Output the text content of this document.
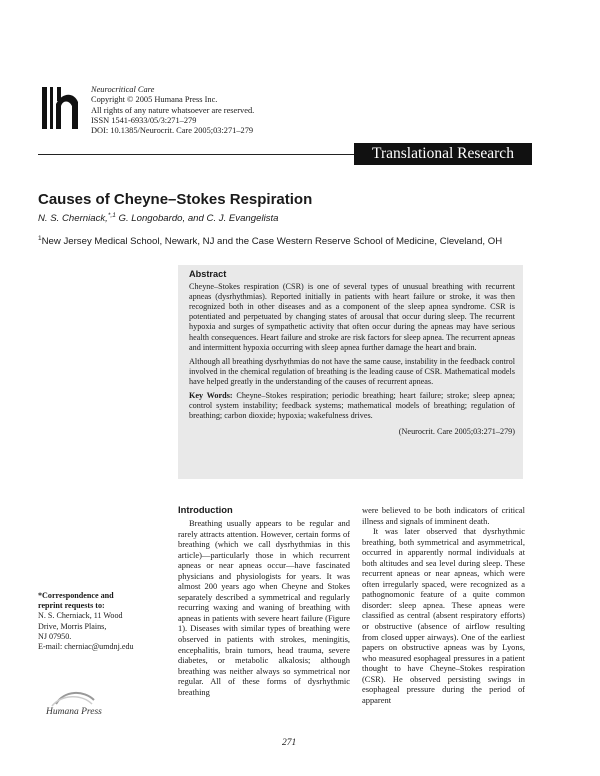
Neurocritical Care
Copyright © 2005 Humana Press Inc.
All rights of any nature whatsoever are reserved.
ISSN 1541-6933/05/3:271–279
DOI: 10.1385/Neurocrit. Care 2005;03:271–279
Translational Research
Causes of Cheyne–Stokes Respiration
N. S. Cherniack,$^{*,1}$ G. Longobardo, and C. J. Evangelista
$^1$New Jersey Medical School, Newark, NJ and the Case Western Reserve School of Medicine, Cleveland, OH
Abstract

Cheyne–Stokes respiration (CSR) is one of several types of unusual breathing with recurrent apneas (dysrhythmias). Reported initially in patients with heart failure or stroke, it was then recognized both in other diseases and as a component of the sleep apnea syndrome. CSR is potentiated and perpetuated by changing states of arousal that occur during sleep. The recurrent hypoxia and surges of sympathetic activity that often occur during the apneas may have serious health consequences. Heart failure and stroke are risk factors for sleep apnea. The recurrent apneas and intermittent hypoxia occurring with sleep apnea further damage the heart and brain.

Although all breathing dysrhythmias do not have the same cause, instability in the feedback control involved in the chemical regulation of breathing is the leading cause of CSR. Mathematical models have helped greatly in the understanding of the causes of recurrent apneas.

Key Words: Cheyne–Stokes respiration; periodic breathing; heart failure; stroke; sleep apnea; control system instability; feedback systems; mathematical models of breathing; regulation of breathing; carbon dioxide; hypoxia; wakefulness drives.

(Neurocrit. Care 2005;03:271–279)

Introduction

Breathing usually appears to be regular and rarely attracts attention. However, certain forms of breathing (which we call dysrhythmias in this article)—particularly those in which recurrent apneas or near apneas occur—have fascinated physicians and physiologists for years. It was almost 200 years ago when Cheyne and Stokes separately described a symmetrical and regularly recurring waxing and waning of breathing with apneas in patients with severe heart failure (Figure 1). Diseases with similar types of breathing were observed in patients with strokes, meningitis, encephalitis, brain tumors, head trauma, severe diabetes, or metabolic alkalosis; although breathing was neither always so symmetrical nor regular. All of these forms of dysrhythmic breathing

were believed to be both indicators of critical illness and signals of imminent death.

It was later observed that dysrhythmic breathing, both symmetrical and asymmetrical, occurred in apparently normal individuals at both altitudes and sea level during sleep. These recurrent apneas or near apneas, which were often irregularly spaced, were recognized as a pathognomonic feature of a quite common disorder: sleep apnea. These apneas were classified as central (absent respiratory efforts) or obstructive (absence of airflow resulting from closed upper airways). One of the earliest papers on obstructive apneas was by Lyons, who measured esophageal pressures in a patient thought to have Cheyne–Stokes respiration (CSR). He observed persisting swings in esophageal pressure during the period of apparent

*Correspondence and
reprint requests to:
N. S. Cherniack, 11 Wood
Drive, Morris Plains,
NJ 07950.
E-mail: cherniac@umdnj.edu
Humana Press
271
